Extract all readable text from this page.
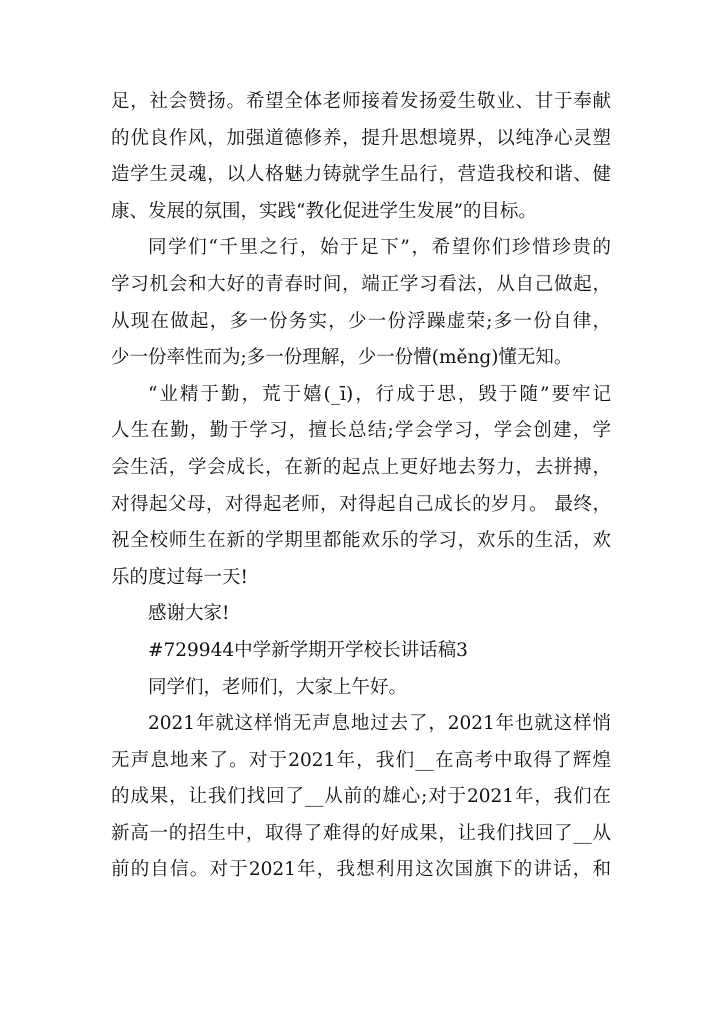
足，社会赞扬。希望全体老师接着发扬爱生敬业、甘于奉献
的优良作风，加强道德修养，提升思想境界，以纯净心灵塑
造学生灵魂，以人格魅力铸就学生品行，营造我校和谐、健
康、发展的氛围，实践“教化促进学生发展”的目标。
同学们“千里之行，始于足下”，希望你们珍惜珍贵的
学习机会和大好的青春时间，端正学习看法，从自己做起，
从现在做起，多一份务实，少一份浮躁虚荣;多一份自律，
少一份率性而为;多一份理解，少一份懵(měng)懂无知。
“业精于勤，荒于嬉(_ī)，行成于思，毁于随”要牢记
人生在勤，勤于学习，擅长总结;学会学习，学会创建，学
会生活，学会成长，在新的起点上更好地去努力，去拼搏，
对得起父母，对得起老师，对得起自己成长的岁月。 最终，
祝全校师生在新的学期里都能欢乐的学习，欢乐的生活，欢
乐的度过每一天!
感谢大家!
#729944中学新学期开学校长讲话稿3
同学们，老师们，大家上午好。
2021年就这样悄无声息地过去了，2021年也就这样悄
无声息地来了。对于2021年，我们__在高考中取得了辉煌
的成果，让我们找回了__从前的雄心;对于2021年，我们在
新高一的招生中，取得了难得的好成果，让我们找回了__从
前的自信。对于2021年，我想利用这次国旗下的讲话，和
